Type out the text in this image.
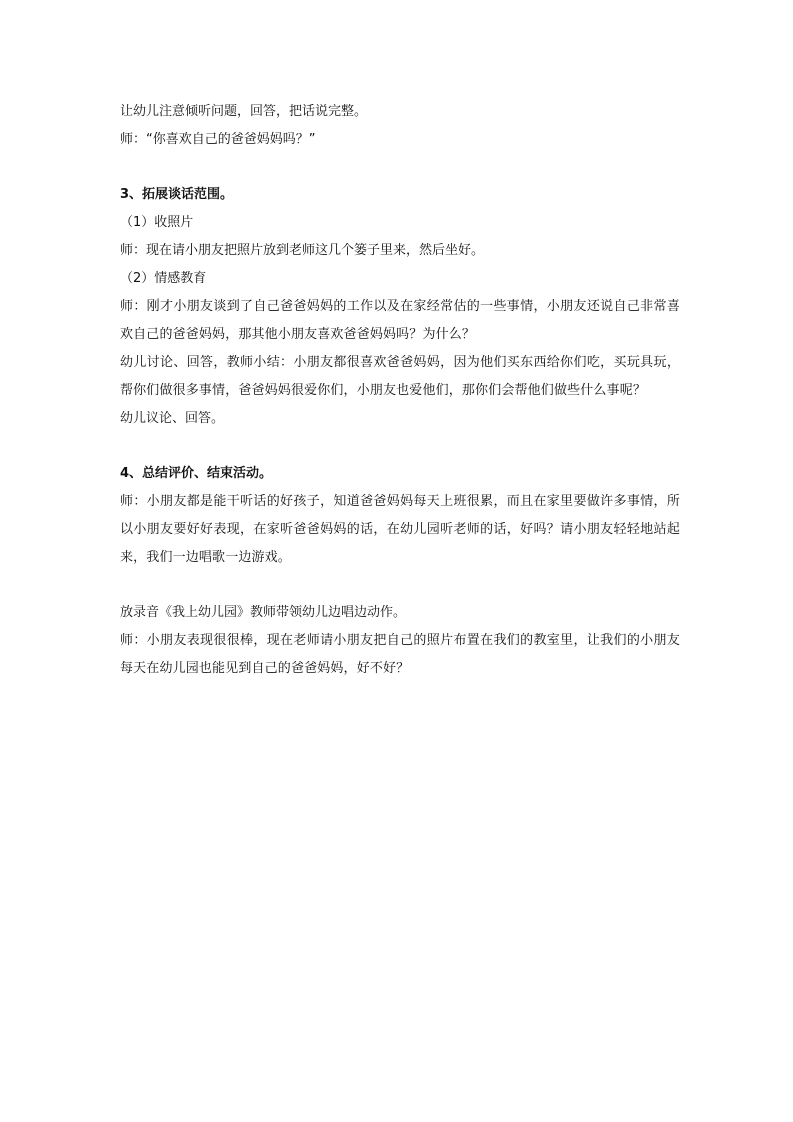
让幼儿注意倾听问题，回答，把话说完整。
师：“你喜欢自己的爸爸妈妈吗？”
3、拓展谈话范围。
（1）收照片
师：现在请小朋友把照片放到老师这几个篓子里来，然后坐好。
（2）情感教育
师：刚才小朋友谈到了自己爸爸妈妈的工作以及在家经常估的一些事情，小朋友还说自己非常喜欢自己的爸爸妈妈，那其他小朋友喜欢爸爸妈妈吗？为什么？
幼儿讨论、回答，教师小结：小朋友都很喜欢爸爸妈妈，因为他们买东西给你们吃，买玩具玩，帮你们做很多事情，爸爸妈妈很爱你们，小朋友也爱他们，那你们会帮他们做些什么事呢？
幼儿议论、回答。
4、总结评价、结束活动。
师：小朋友都是能干听话的好孩子，知道爸爸妈妈每天上班很累，而且在家里要做许多事情，所以小朋友要好好表现，在家听爸爸妈妈的话，在幼儿园听老师的话，好吗？请小朋友轻轻地站起来，我们一边唱歌一边游戏。
放录音《我上幼儿园》教师带领幼儿边唱边动作。
师：小朋友表现很很棒，现在老师请小朋友把自己的照片布置在我们的教室里，让我们的小朋友每天在幼儿园也能见到自己的爸爸妈妈，好不好？
